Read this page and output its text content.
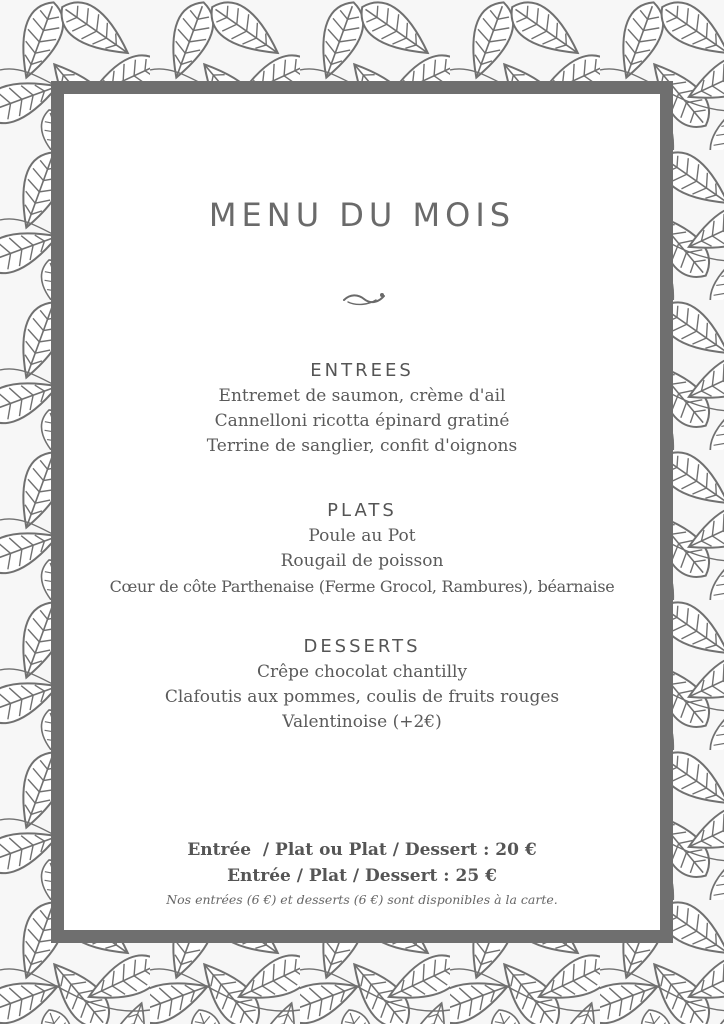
MENU DU MOIS
ENTREES
Entremet de saumon, crème d'ail
Cannelloni ricotta épinard gratiné
Terrine de sanglier, confit d'oignons
PLATS
Poule au Pot
Rougail de poisson
Cœur de côte Parthenaise (Ferme Grocol, Rambures), béarnaise
DESSERTS
Crêpe chocolat chantilly
Clafoutis aux pommes, coulis de fruits rouges
Valentinoise (+2€)
Entrée  / Plat ou Plat / Dessert : 20 €
Entrée / Plat / Dessert : 25 €
Nos entrées (6 €) et desserts (6 €) sont disponibles à la carte.
